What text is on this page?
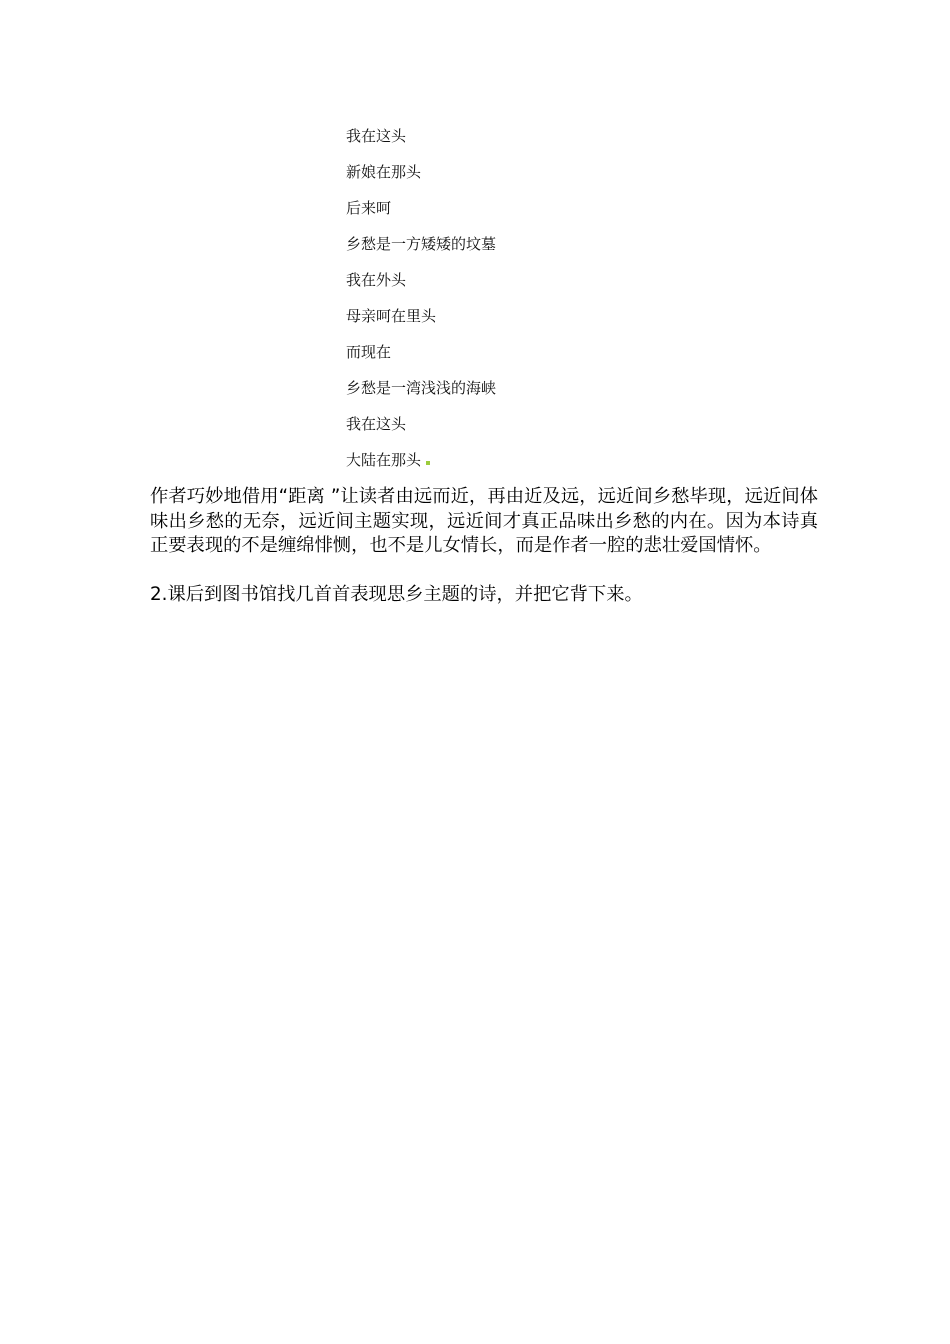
我在这头
新娘在那头
后来呵
乡愁是一方矮矮的坟墓
我在外头
母亲呵在里头
而现在
乡愁是一湾浅浅的海峡
我在这头
大陆在那头

作者巧妙地借用“距离 ”让读者由远而近，再由近及远，远近间乡愁毕现，远近间体味出乡愁的无奈，远近间主题实现，远近间才真正品味出乡愁的内在。因为本诗真正要表现的不是缠绵悱恻，也不是儿女情长，而是作者一腔的悲壮爱国情怀。

2.课后到图书馆找几首首表现思乡主题的诗，并把它背下来。
